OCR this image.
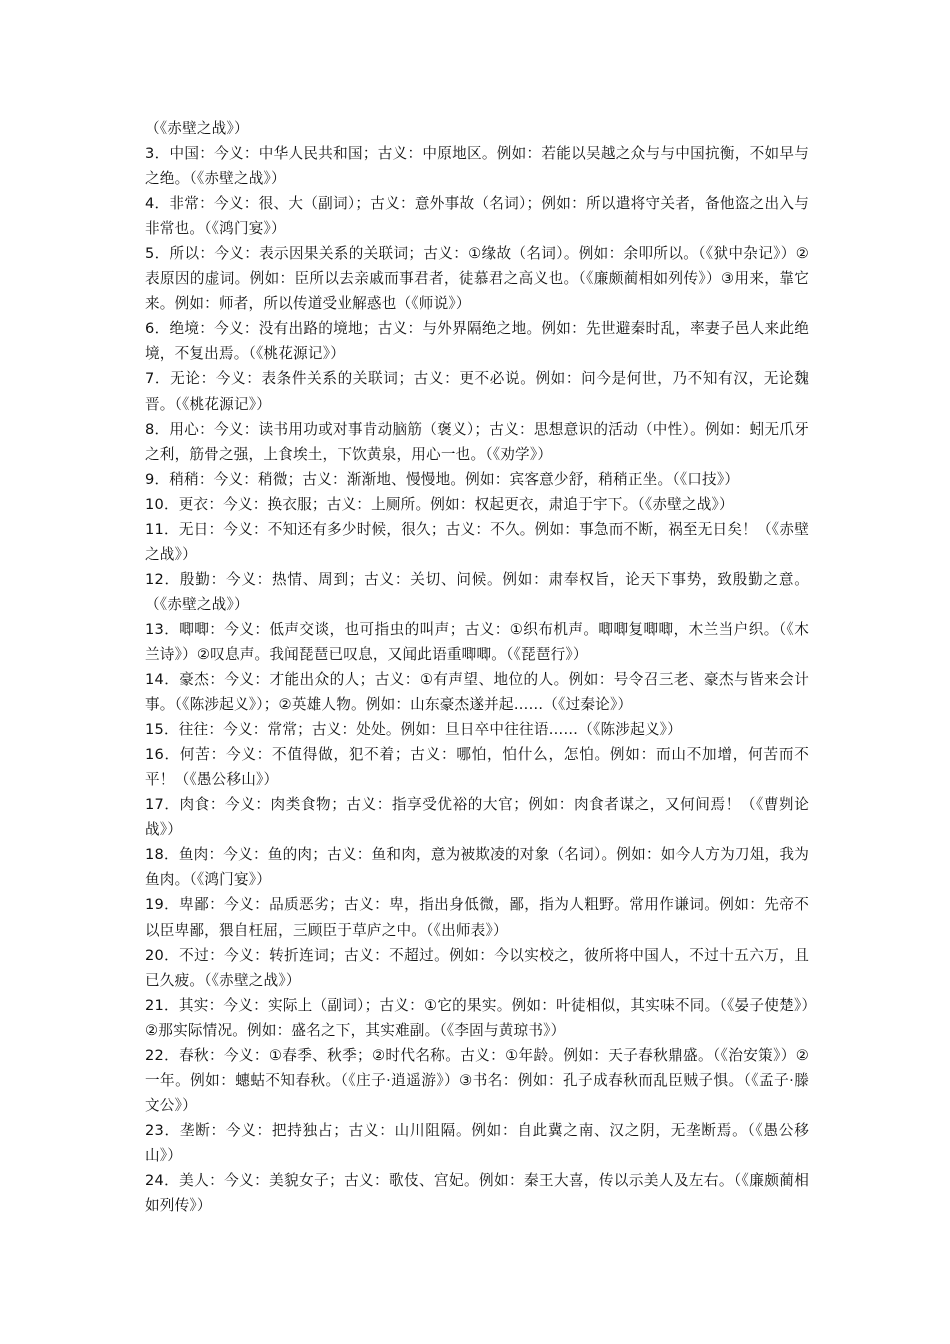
（《赤壁之战》）

3．中国：今义：中华人民共和国；古义：中原地区。例如：若能以吴越之众与与中国抗衡，不如早与之绝。（《赤壁之战》）

4．非常：今义：很、大（副词）；古义：意外事故（名词）；例如：所以遣将守关者，备他盗之出入与非常也。（《鸿门宴》）

5．所以：今义：表示因果关系的关联词；古义：①缘故（名词）。例如：余叩所以。（《狱中杂记》）②表原因的虚词。例如：臣所以去亲戚而事君者，徒慕君之高义也。（《廉颇蔺相如列传》）③用来，靠它来。例如：师者，所以传道受业解惑也（《师说》）

6．绝境：今义：没有出路的境地；古义：与外界隔绝之地。例如：先世避秦时乱，率妻子邑人来此绝境，不复出焉。（《桃花源记》）

7．无论：今义：表条件关系的关联词；古义：更不必说。例如：问今是何世，乃不知有汉，无论魏晋。（《桃花源记》）

8．用心：今义：读书用功或对事肯动脑筋（褒义）；古义：思想意识的活动（中性）。例如：蚓无爪牙之利，筋骨之强，上食埃土，下饮黄泉，用心一也。（《劝学》）

9．稍稍：今义：稍微；古义：渐渐地、慢慢地。例如：宾客意少舒，稍稍正坐。（《口技》）

10．更衣：今义：换衣服；古义：上厕所。例如：权起更衣，肃追于宇下。（《赤壁之战》）

11．无日：今义：不知还有多少时候，很久；古义：不久。例如：事急而不断，祸至无日矣！（《赤壁之战》）

12．殷勤：今义：热情、周到；古义：关切、问候。例如：肃奉权旨，论天下事势，致殷勤之意。（《赤壁之战》）

13．唧唧：今义：低声交谈，也可指虫的叫声；古义：①织布机声。唧唧复唧唧，木兰当户织。（《木兰诗》）②叹息声。我闻琵琶已叹息，又闻此语重唧唧。（《琵琶行》）

14．豪杰：今义：才能出众的人；古义：①有声望、地位的人。例如：号令召三老、豪杰与皆来会计事。（《陈涉起义》）；②英雄人物。例如：山东豪杰遂并起……（《过秦论》）

15．往往：今义：常常；古义：处处。例如：旦日卒中往往语……（《陈涉起义》）

16．何苦：今义：不值得做，犯不着；古义：哪怕，怕什么，怎怕。例如：而山不加增，何苦而不平！（《愚公移山》）

17．肉食：今义：肉类食物；古义：指享受优裕的大官；例如：肉食者谋之，又何间焉！（《曹刿论战》）

18．鱼肉：今义：鱼的肉；古义：鱼和肉，意为被欺凌的对象（名词）。例如：如今人方为刀俎，我为鱼肉。（《鸿门宴》）

19．卑鄙：今义：品质恶劣；古义：卑，指出身低微，鄙，指为人粗野。常用作谦词。例如：先帝不以臣卑鄙，猥自枉屈，三顾臣于草庐之中。（《出师表》）

20．不过：今义：转折连词；古义：不超过。例如：今以实校之，彼所将中国人，不过十五六万，且已久疲。（《赤壁之战》）

21．其实：今义：实际上（副词）；古义：①它的果实。例如：叶徒相似，其实味不同。（《晏子使楚》）②那实际情况。例如：盛名之下，其实难副。（《李固与黄琼书》）

22．春秋：今义：①春季、秋季；②时代名称。古义：①年龄。例如：天子春秋鼎盛。（《治安策》）②一年。例如：蟪蛄不知春秋。（《庄子·逍遥游》）③书名：例如：孔子成春秋而乱臣贼子惧。（《孟子·滕文公》）

23．垄断：今义：把持独占；古义：山川阻隔。例如：自此冀之南、汉之阴，无垄断焉。（《愚公移山》）

24．美人：今义：美貌女子；古义：歌伎、宫妃。例如：秦王大喜，传以示美人及左右。（《廉颇蔺相如列传》）
